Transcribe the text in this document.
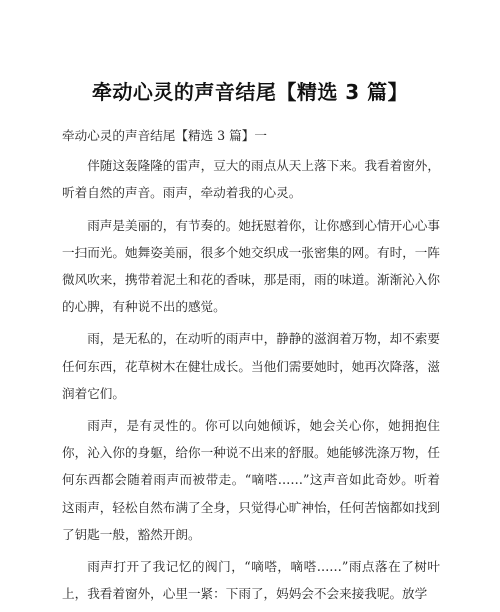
牵动心灵的声音结尾【精选 3 篇】

牵动心灵的声音结尾【精选 3 篇】一

伴随这轰隆隆的雷声，豆大的雨点从天上落下来。我看着窗外，听着自然的声音。雨声，牵动着我的心灵。

雨声是美丽的，有节奏的。她抚慰着你，让你感到心情开心心事一扫而光。她舞姿美丽，很多个她交织成一张密集的网。有时，一阵微风吹来，携带着泥土和花的香味，那是雨，雨的味道。渐渐沁入你的心脾，有种说不出的感觉。

雨，是无私的，在动听的雨声中，静静的滋润着万物，却不索要任何东西，花草树木在健壮成长。当他们需要她时，她再次降落，滋润着它们。

雨声，是有灵性的。你可以向她倾诉，她会关心你，她拥抱住你，沁入你的身躯，给你一种说不出来的舒服。她能够洗涤万物，任何东西都会随着雨声而被带走。“嘀嗒……”这声音如此奇妙。听着这雨声，轻松自然布满了全身，只觉得心旷神怡，任何苦恼都如找到了钥匙一般，豁然开朗。

雨声打开了我记忆的阀门，“嘀嗒，嘀嗒……”雨点落在了树叶上，我看着窗外，心里一紧：下雨了，妈妈会不会来接我呢。放学
